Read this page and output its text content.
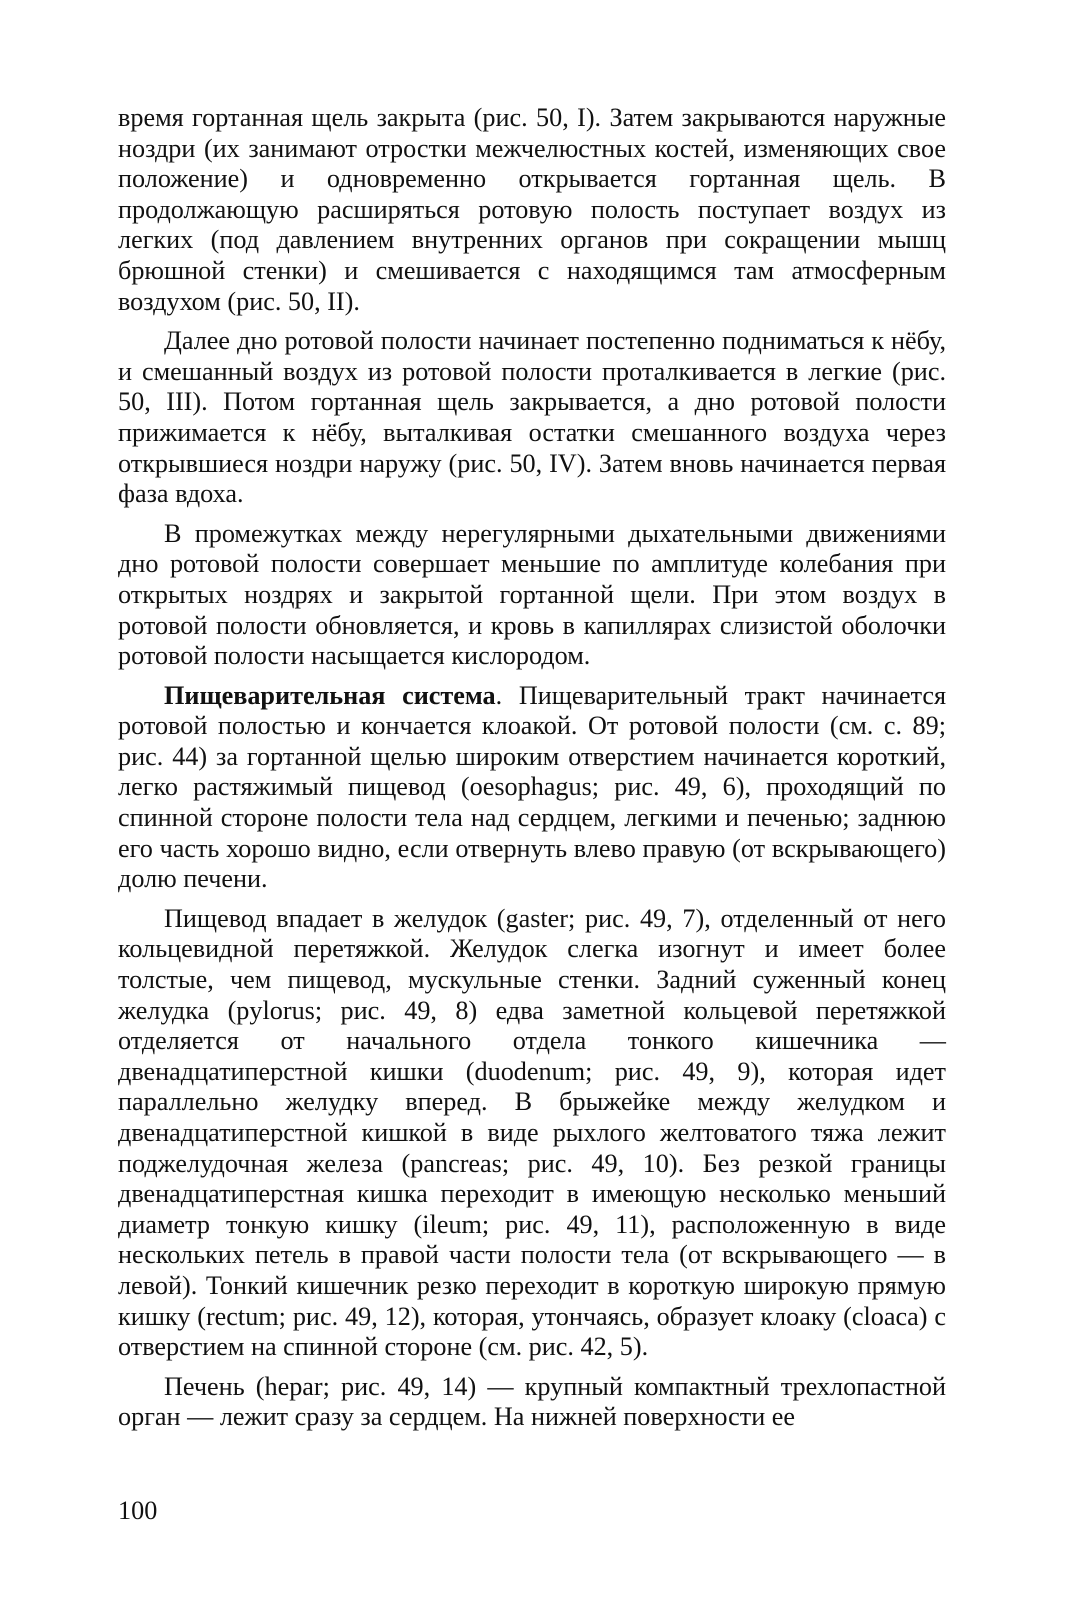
время гортанная щель закрыта (рис. 50, I). Затем закрываются наружные ноздри (их занимают отростки межчелюстных костей, изменяющих свое положение) и одновременно открывается гортанная щель. В продолжающую расширяться ротовую полость поступает воздух из легких (под давлением внутренних органов при сокращении мышц брюшной стенки) и смешивается с находящимся там атмосферным воздухом (рис. 50, II).

Далее дно ротовой полости начинает постепенно подниматься к нёбу, и смешанный воздух из ротовой полости проталкивается в легкие (рис. 50, III). Потом гортанная щель закрывается, а дно ротовой полости прижимается к нёбу, выталкивая остатки смешанного воздуха через открывшиеся ноздри наружу (рис. 50, IV). Затем вновь начинается первая фаза вдоха.

В промежутках между нерегулярными дыхательными движениями дно ротовой полости совершает меньшие по амплитуде колебания при открытых ноздрях и закрытой гортанной щели. При этом воздух в ротовой полости обновляется, и кровь в капиллярах слизистой оболочки ротовой полости насыщается кислородом.

Пищеварительная система. Пищеварительный тракт начинается ротовой полостью и кончается клоакой. От ротовой полости (см. с. 89; рис. 44) за гортанной щелью широким отверстием начинается короткий, легко растяжимый пищевод (oesophagus; рис. 49, 6), проходящий по спинной стороне полости тела над сердцем, легкими и печенью; заднюю его часть хорошо видно, если отвернуть влево правую (от вскрывающего) долю печени.

Пищевод впадает в желудок (gaster; рис. 49, 7), отделенный от него кольцевидной перетяжкой. Желудок слегка изогнут и имеет более толстые, чем пищевод, мускульные стенки. Задний суженный конец желудка (pylorus; рис. 49, 8) едва заметной кольцевой перетяжкой отделяется от начального отдела тонкого кишечника — двенадцатиперстной кишки (duodenum; рис. 49, 9), которая идет параллельно желудку вперед. В брыжейке между желудком и двенадцатиперстной кишкой в виде рыхлого желтоватого тяжа лежит поджелудочная железа (pancreas; рис. 49, 10). Без резкой границы двенадцатиперстная кишка переходит в имеющую несколько меньший диаметр тонкую кишку (ileum; рис. 49, 11), расположенную в виде нескольких петель в правой части полости тела (от вскрывающего — в левой). Тонкий кишечник резко переходит в короткую широкую прямую кишку (rectum; рис. 49, 12), которая, утончаясь, образует клоаку (cloaca) с отверстием на спинной стороне (см. рис. 42, 5).

Печень (hepar; рис. 49, 14) — крупный компактный трехлопастной орган — лежит сразу за сердцем. На нижней поверхности ее

100
